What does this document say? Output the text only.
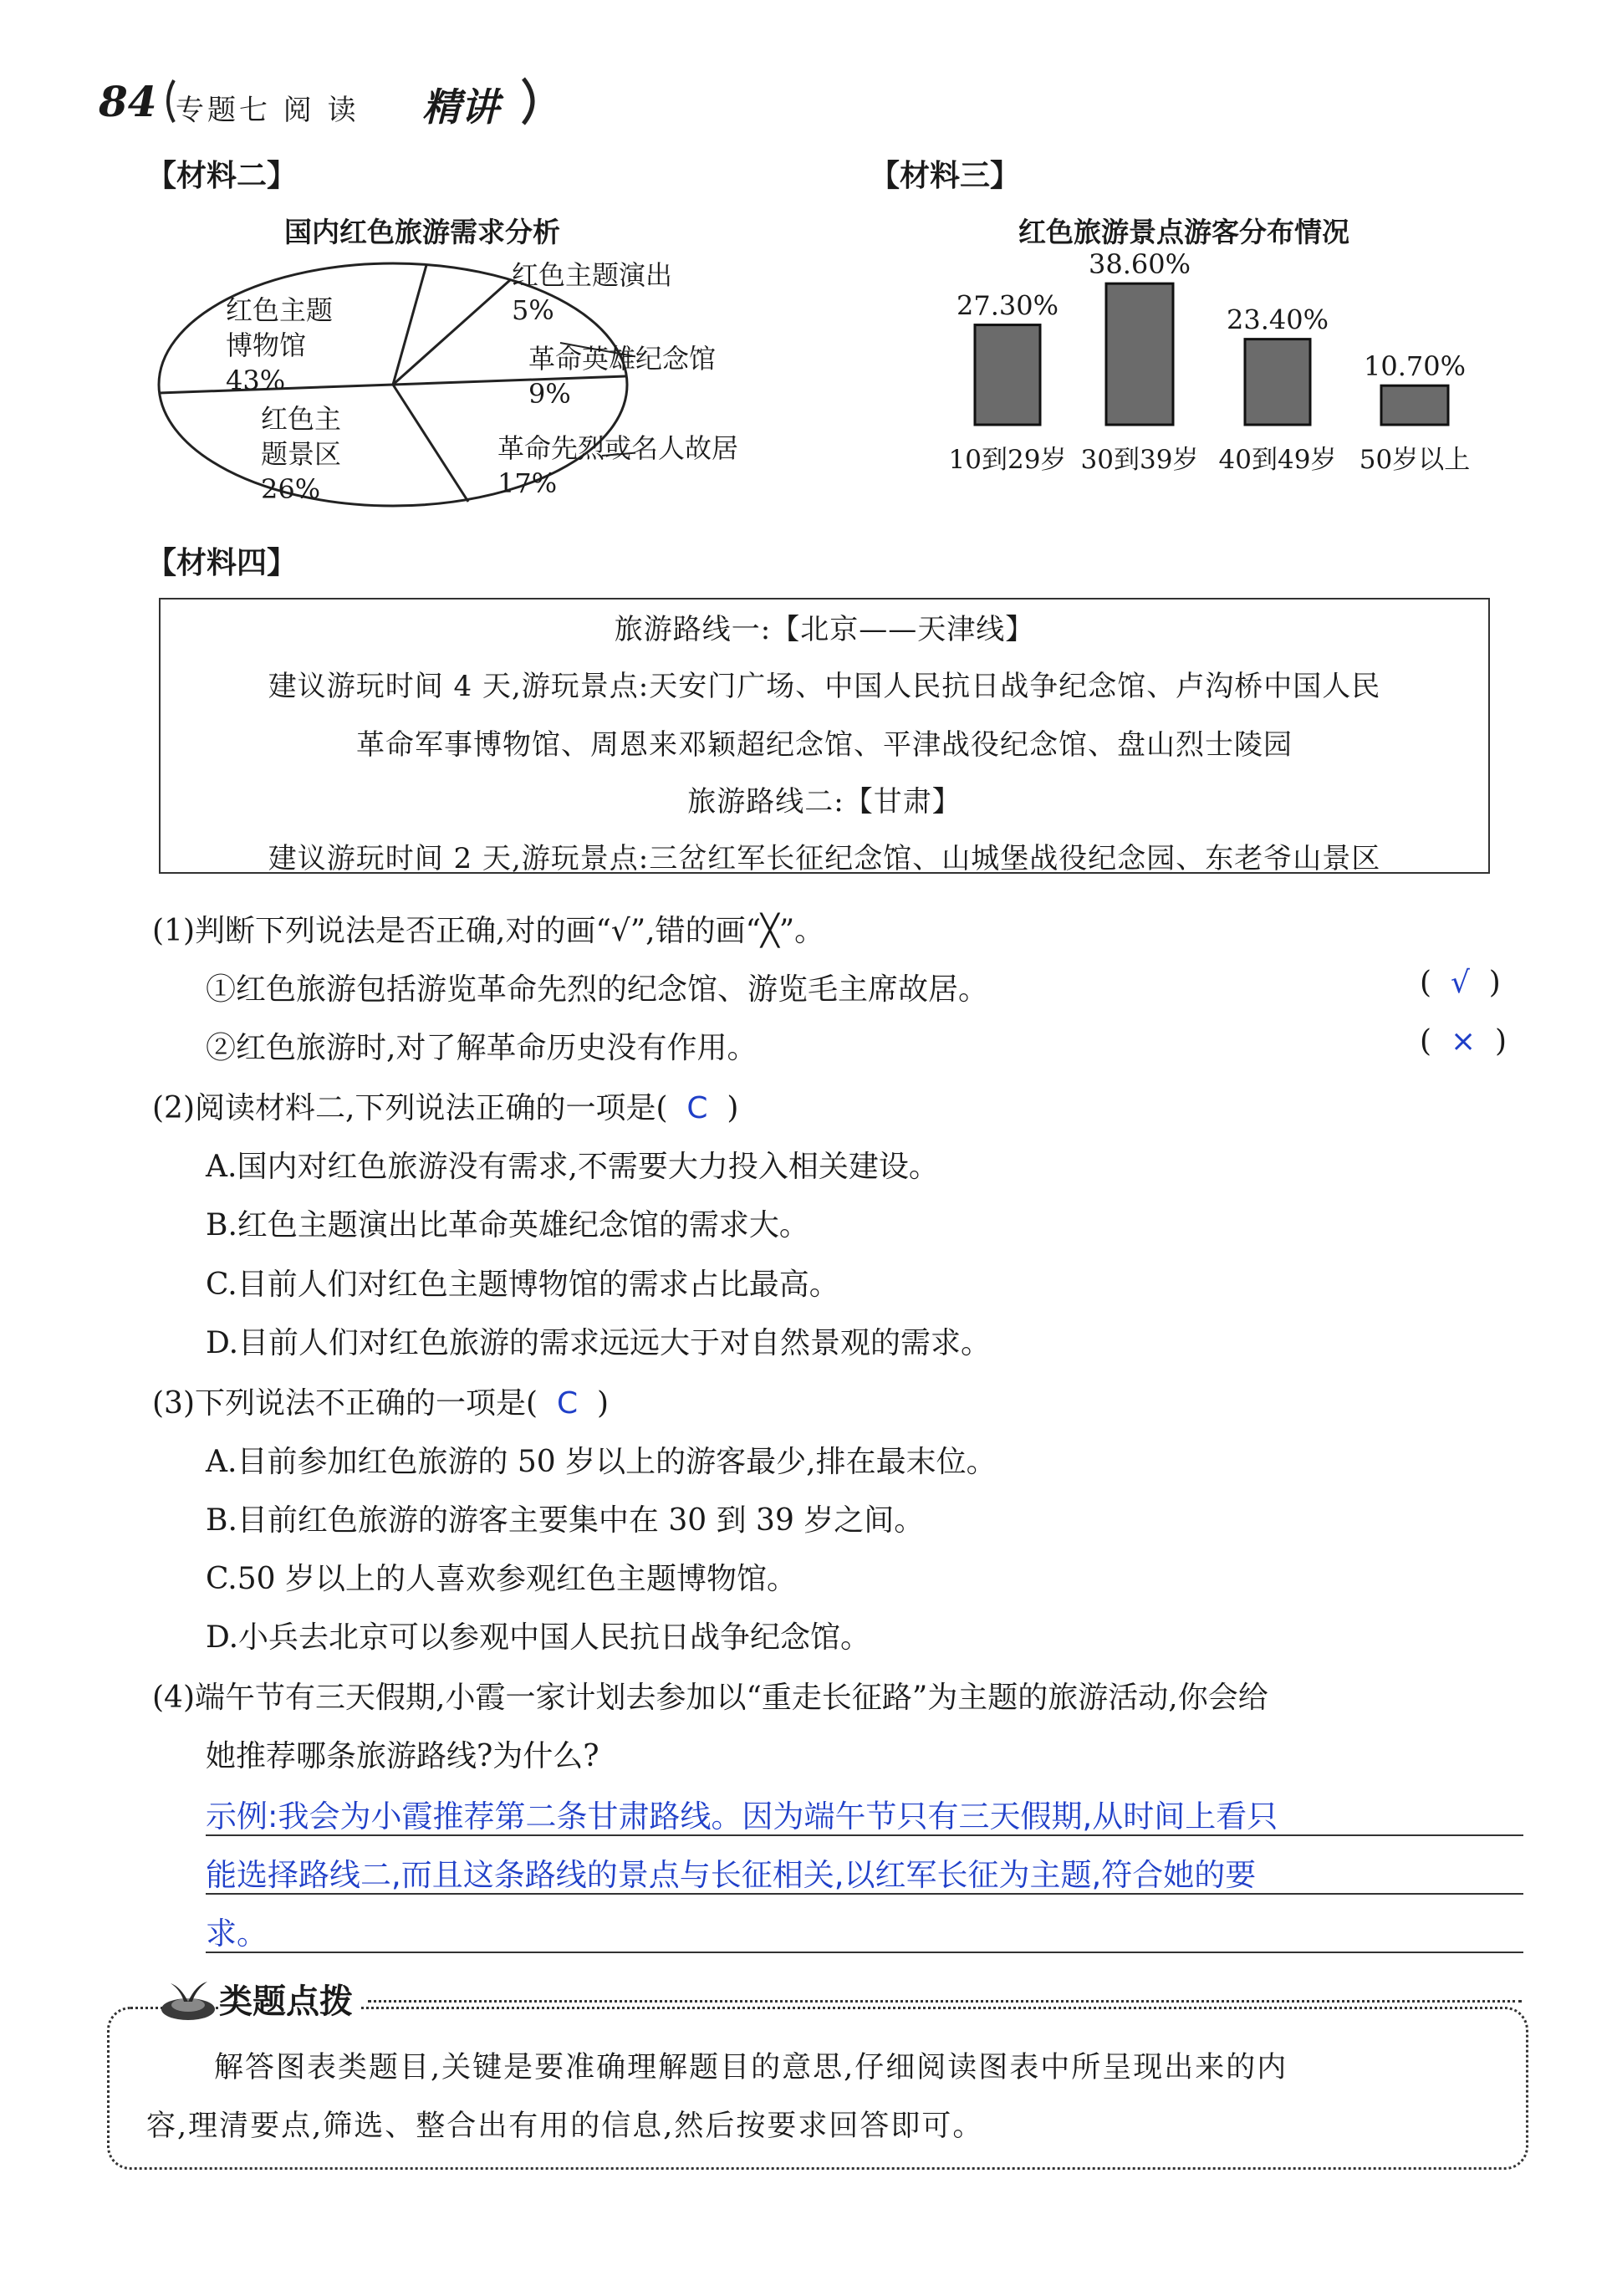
84 专题七 阅 读 精讲
【材料二】
国内红色旅游需求分析
红色主题
博物馆
43%
红色主题演出
5%
革命英雄纪念馆
9%
红色主
题景区
26%
革命先烈或名人故居
17%
【材料三】
红色旅游景点游客分布情况
27.30%
10到29岁
38.60%
30到39岁
23.40%
40到49岁
10.70%
50岁以上
【材料四】
旅游路线一:【北京——天津线】
建议游玩时间 4 天,游玩景点:天安门广场、中国人民抗日战争纪念馆、卢沟桥中国人民
革命军事博物馆、周恩来邓颖超纪念馆、平津战役纪念馆、盘山烈士陵园
旅游路线二:【甘肃】
建议游玩时间 2 天,游玩景点:三岔红军长征纪念馆、山城堡战役纪念园、东老爷山景区
(1)判断下列说法是否正确,对的画“√”,错的画“╳”。
①红色旅游包括游览革命先烈的纪念馆、游览毛主席故居。	(  √  )
②红色旅游时,对了解革命历史没有作用。	(  ×  )
(2)阅读材料二,下列说法正确的一项是( C )
A.国内对红色旅游没有需求,不需要大力投入相关建设。
B.红色主题演出比革命英雄纪念馆的需求大。
C.目前人们对红色主题博物馆的需求占比最高。
D.目前人们对红色旅游的需求远远大于对自然景观的需求。
(3)下列说法不正确的一项是( C )
A.目前参加红色旅游的 50 岁以上的游客最少,排在最末位。
B.目前红色旅游的游客主要集中在 30 到 39 岁之间。
C.50 岁以上的人喜欢参观红色主题博物馆。
D.小兵去北京可以参观中国人民抗日战争纪念馆。
(4)端午节有三天假期,小霞一家计划去参加以“重走长征路”为主题的旅游活动,你会给
她推荐哪条旅游路线?为什么?
示例:我会为小霞推荐第二条甘肃路线。因为端午节只有三天假期,从时间上看只
能选择路线二,而且这条路线的景点与长征相关,以红军长征为主题,符合她的要
求。
类题点拨
解答图表类题目,关键是要准确理解题目的意思,仔细阅读图表中所呈现出来的内
容,理清要点,筛选、整合出有用的信息,然后按要求回答即可。
